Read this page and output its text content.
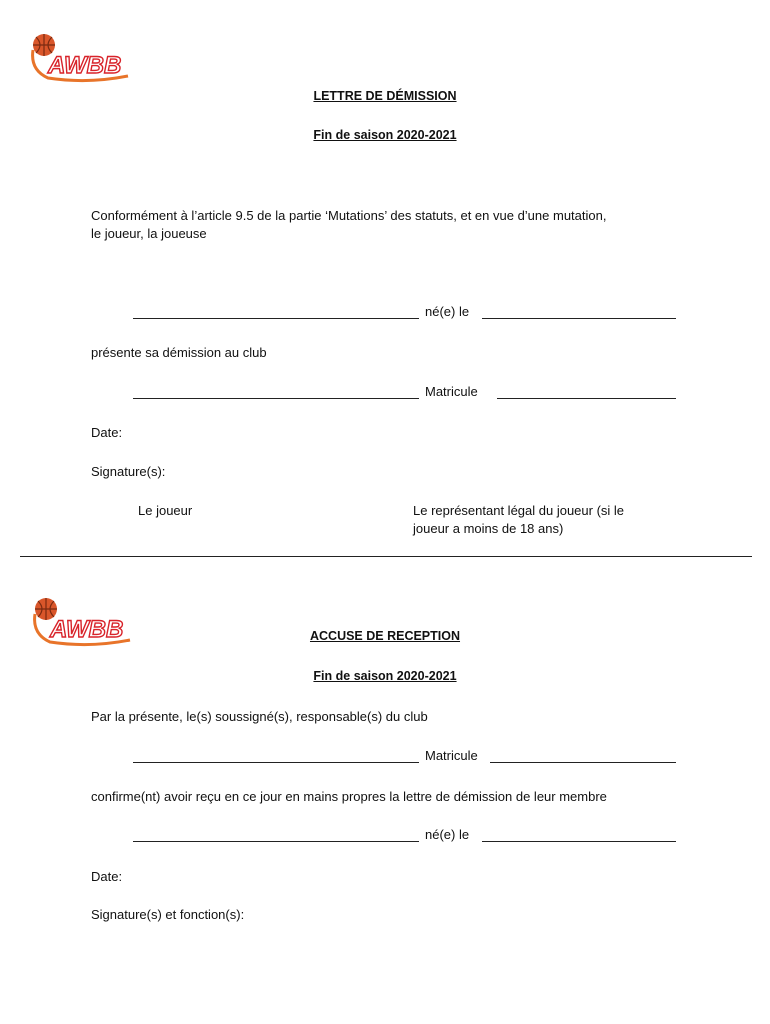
AWBB
LETTRE DE DÉMISSION
Fin de saison 2020-2021
Conformément à l’article 9.5 de la partie ‘Mutations’ des statuts, et en vue d’une mutation,
le joueur, la joueuse
né(e) le
présente sa démission au club
Matricule
Date:
Signature(s):
Le joueur	Le représentant légal du joueur (si le
joueur a moins de 18 ans)
AWBB	ACCUSE DE RECEPTION
Fin de saison 2020-2021
Par la présente, le(s) soussigné(s), responsable(s) du club
Matricule
confirme(nt) avoir reçu en ce jour en mains propres la lettre de démission de leur membre
né(e) le
Date:
Signature(s) et fonction(s):
